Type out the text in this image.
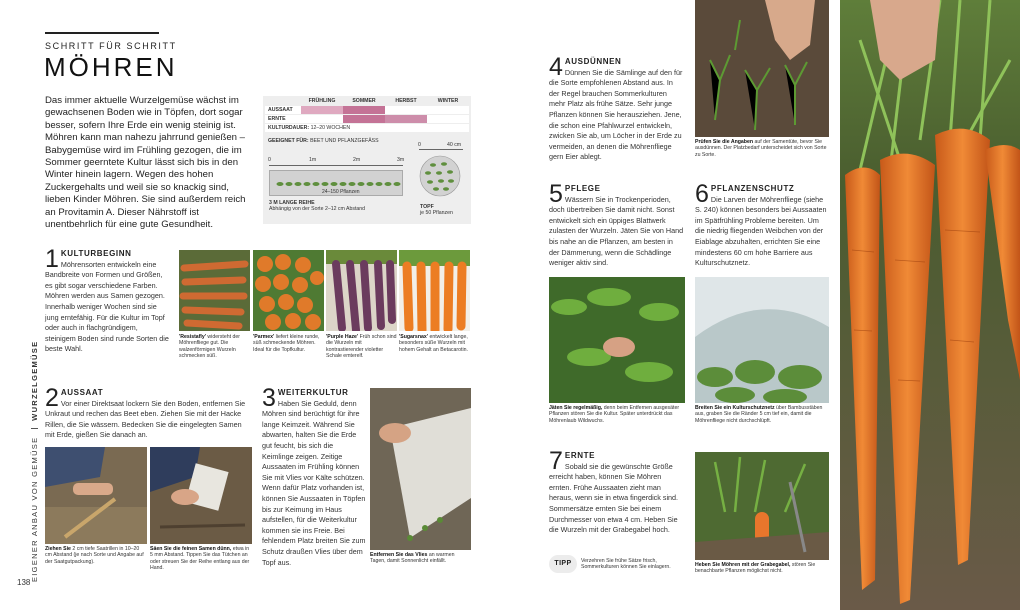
SCHRITT FÜR SCHRITT
MÖHREN
Das immer aktuelle Wurzelgemüse wächst im gewachsenen Boden wie in Töpfen, dort sogar besser, sofern Ihre Erde ein wenig steinig ist. Möhren kann man nahezu jahrrund genießen – Babygemüse wird im Frühling gezogen, die im Sommer geerntete Kultur lässt sich bis in den Winter hinein lagern. Wegen des hohen Zuckergehalts und weil sie so knackig sind, lieben Kinder Möhren. Sie sind außerdem reich an Provitamin A. Dieser Nährstoff ist unentbehrlich für eine gute Gesundheit.
FRÜHLING	SOMMER	HERBST	WINTER
AUSSAAT
ERNTE
KULTURDAUER: 12–20 WOCHEN
GEEIGNET FÜR: BEET UND PFLANZGEFÄSS
0	1m	2m	3m
24–150 Pflanzen
3 M LANGE REIHE
Abhängig von der Sorte 2–12 cm Abstand
0	40 cm
TOPF
je 50 Pflanzen
1 KULTURBEGINN
Möhrensorten entwickeln eine Bandbreite von Formen und Größen, es gibt sogar verschiedene Farben. Möhren werden aus Samen gezogen. Innerhalb weniger Wochen sind sie jung erntefähig. Für die Kultur im Topf oder auch in flachgründigem, steinigem Boden sind runde Sorten die beste Wahl.
'Resistafly' widersteht der Möhrenfliege gut. Die walzenförmigen Wurzeln schmecken süß.
'Parmex' liefert kleine runde, süß schmeckende Möhren. Ideal für die Topfkultur.
'Purple Haze' Früh schon sind die Wurzeln mit kontrastierender violetter Schale emterelf.
'Sugarsnax' entwickelt lange, besonders süße Wurzeln mit hohem Gehalt an Betacarotin.
2 AUSSAAT
Vor einer Direktsaat lockern Sie den Boden, entfernen Sie Unkraut und rechen das Beet eben. Ziehen Sie mit der Hacke Rillen, die Sie wässern. Bedecken Sie die eingelegten Samen mit Erde, gießen Sie danach an.
Ziehen Sie 2 cm tiefe Saatrillen in 10–20 cm Abstand (je nach Sorte und Angabe auf der Saatgutpackung).
Säen Sie die feinen Samen dünn, etwa in 5 mm Abstand. Tippen Sie das Tütchen an oder streuen Sie der Reihe entlang aus der Hand.
3 WEITERKULTUR
Haben Sie Geduld, denn Möhren sind berüchtigt für ihre lange Keimzeit. Während Sie abwarten, halten Sie die Erde gut feucht, bis sich die Keimlinge zeigen. Zeitige Aussaaten im Frühling können Sie mit Vlies vor Kälte schützen. Wenn dafür Platz vorhanden ist, können Sie Aussaaten in Töpfen bis zur Keimung im Haus aufstellen, für die Weiterkultur kommen sie ins Freie. Bei fehlendem Platz breiten Sie zum Schutz draußen Vlies über dem Topf aus.
Entfernen Sie das Vlies an warmen Tagen, damit Sonnenlicht einfällt.
EIGENER ANBAU VON GEMÜSE  WURZELGEMÜSE
138
4 AUSDÜNNEN
Dünnen Sie die Sämlinge auf den für die Sorte empfohlenen Abstand aus. In der Regel brauchen Sommerkulturen mehr Platz als frühe Sätze. Sehr junge Pflanzen können Sie herausziehen. Jene, die schon eine Pfahlwurzel entwickeln, zwicken Sie ab, um Löcher in der Erde zu vermeiden, an denen die Möhrenfliege gern Eier ablegt.
Prüfen Sie die Angaben auf der Samentüte, bevor Sie ausdünnen. Der Platzbedarf unterscheidet sich von Sorte zu Sorte.
5 PFLEGE
Wässern Sie in Trockenperioden, doch übertreiben Sie damit nicht. Sonst entwickelt sich ein üppiges Blattwerk zulasten der Wurzeln. Jäten Sie von Hand bis nahe an die Pflanzen, am besten in der Dämmerung, wenn die Schädlinge weniger aktiv sind.
6 PFLANZENSCHUTZ
Die Larven der Möhrenfliege (siehe S. 240) können besonders bei Aussaaten im Spätfrühling Probleme bereiten. Um die niedrig fliegenden Weibchen von der Eiablage abzuhalten, errichten Sie eine mindestens 60 cm hohe Barriere aus Kulturschutznetz.
Jäten Sie regelmäßig, denn beim Entfernen ausgesäter Pflanzen stören Sie die Kultur. Später unterdrückt das Möhrenlaub Wildwuchs.
Breiten Sie ein Kulturschutznetz über Bambusstäben aus, graben Sie die Ränder 5 cm tief ein, damit die Möhrenfliege nicht durchschlüpft.
7 ERNTE
Sobald sie die gewünschte Größe erreicht haben, können Sie Möhren ernten. Frühe Aussaaten zieht man heraus, wenn sie in etwa fingerdick sind. Sommersätze ernten Sie bei einem Durchmesser von etwa 4 cm. Heben Sie die Wurzeln mit der Grabegabel hoch.
TIPP	Verzehren Sie frühe Sätze frisch, Sommerkulturen können Sie einlagern.	Heben Sie Möhren mit der Grabegabel, stören Sie benachbarte Pflanzen möglichst nicht.
